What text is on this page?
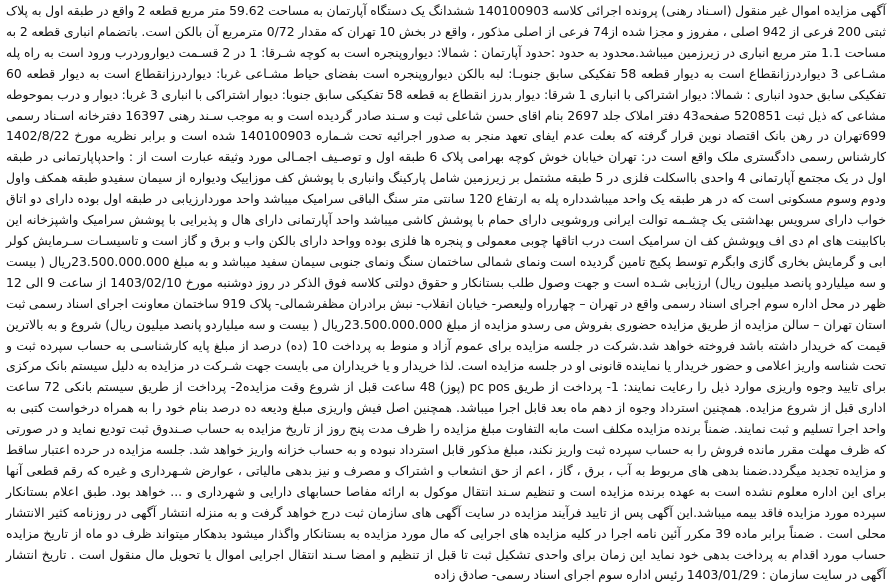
آگهی مزایده اموال غیر منقول (اسـناد رهنی) پرونده اجرائی کلاسه 140100903 ششدانگ یک دستگاه آپارتمان به مساحت 59.62 متر مربع قطعه 2 واقع در طبقه اول به پلاک ثبتی 200 فرعی از 942 اصلی ، مفروز و مجزا شده از74 فرعی از اصلی مذکور ، واقع در بخش 10 تهران که مقدار 0/72 مترمربع آن بالکن است. باتضمام انباری قطعه 2 به مساحت 1.1 متر مربع انباری در زیرزمین میباشد.محدود به حدود :حدود آپارتمان : شمالا: دیواروپنجره است به کوچه شـرقا: 1 در 2 قسـمت دیواروردرب ورود است به راه پله مشـاعی 3 دیواردرزانقطاع است به دیوار قطعه 58 تفکیکی سابق جنوبـا: لبه بالکن دیواروپنجره است بفضای حیاط مشـاعی غربا: دیواردرزانقطاع است به دیوار قطعه 60 تفکیکی سابق حدود انباری : شمالا: دیوار اشتراکی با انباری 1 شرقا: دیوار بدرز انقطاع به قطعه 58 تفکیکی سابق جنوبا: دیوار اشتراکی با انباری 3 غربا: دیوار و درب بموحوطه مشاعی که ذیل ثبت 520851 صفحه43 دفتر املاک جلد 2697 بنام اقای حسن شاعلی ثبت و سـند صادر گردیده است و به موجب سـند رهنی 16397 دفترخانه اسـناد رسمی 699تهران در رهن بانک اقتصاد نوین قرار گرفته که بعلت عدم ایفای تعهد منجر به صدور اجرائیه تحت شـماره 140100903 شده است و برابر نظریه مورخ 1402/8/22 کارشناس رسمی دادگستری ملک واقع است در: تهران خیابان خوش کوچه بهرامی پلاک 6 طبقه اول و توصـیف اجمـالی مورد وثیقه عبارت است از : واحدپاپارتمانی در طبقه اول در یک مجتمع آپارتمانی 4 واحدی بااسکلت فلزی در 5 طبقه مشتمل بر زیرزمین شامل پارکینگ وانباری با پوشش کف موزاییک ودیواره از سیمان سفیدو طبقه همکف واول ودوم وسوم مسکونی است که در هر طبقه یک واحد میباشدداره پله به ارتفاع 120 سانتی متر سنگ الباقی سرامیک میباشد واحد موردارزیابی در طبقه اول بوده دارای دو اتاق خواب دارای سرویس بهداشتی یک چشـمه توالت ایرانی وروشویی دارای حمام با پوشش کاشی میباشد واحد آپارتمانی دارای هال و پذیرایی با پوشش سرامیک واشپزخانه این باکابینت های ام دی اف وپوشش کف ان سرامیک است درب اتاقها چوبی معمولی و پنجره ها فلزی بوده وواحد دارای بالکن واب و برق و گاز است و تاسیسـات سـرمایش کولر ابی و گرمایش بخاری گازی وابگرم توسط پکیج تامین گردیده است ونمای شمالی ساختمان سنگ ونمای جنوبی سیمان سفید میباشد و به مبلغ 23.500.000.000ریال ( بیست و سه میلیاردو پانصد میلیون ریال) ارزیابی شـده است و جهت وصول طلب بستانکار و حقوق دولتی کلاسه فوق الذکر در روز دوشنبه مورخ 1403/02/10 از ساعت 9 الی 12 ظهر در محل اداره سوم اجرای اسناد رسمی واقع در تهران – چهارراه ولیعصر- خیابان انقلاب- نبش برادران مظفرشمالی- پلاک 919 ساختمان معاونت اجرای اسناد رسمی ثبت استان تهران – سالن مزایده از طریق مزایده حضوری بفروش می رسدو مزایده از مبلغ 23.500.000.000ریال ( بیست و سه میلیاردو پانصد میلیون ریال) شروع و به بالاترین قیمت که خریدار داشته باشد فروخته خواهد شد.شرکت در جلسه مزایده برای عموم آزاد و منوط به پرداخت 10 (ده) درصد از مبلغ پایه کارشناسـی به حساب سپرده ثبت و تحت شناسه واریز اعلامی و حضور خریدار یا نماینده قانونی او در جلسه مزایده است. لذا خریدار و یا خریداران می بایست جهت شـرکت در مزایده به دلیل سیستم بانک مرکزی برای تایید وجوه واریزی موارد ذیل را رعایت نمایند: 1- پرداخت از طریق pc pos (پوز) 48 ساعت قبل از شروع وقت مزایده2- پرداخت از طریق سیستم بانکی 72 ساعت اداری قبل از شروع مزایده. همچنین استرداد وجوه از دهم ماه بعد قابل اجرا میباشد. همچنین اصل فیش واریزی مبلغ ودیعه ده درصد بنام خود را به همراه درخواست کتبی به واحد اجرا تسلیم و ثبت نمایند. ضمناً برنده مزایده مکلف است مابه التفاوت مبلغ مزایده را ظرف مدت پنج روز از تاریخ مزایده به حساب صـندوق ثبت تودیع نماید و در صورتی که ظرف مهلت مقرر مانده فروش را به حساب سپرده ثبت واریز نکند، مبلغ مذکور قابل استرداد نبوده و به حساب خزانه واریز خواهد شد. جلسه مزایده در حرده اعتبار ساقط و مزایده تجدید میگردد.ضمنا بدهی های مربوط به آب ، برق ، گاز ، اعم از حق انشعاب و اشتراک و مصرف و نیز بدهی مالیاتی ، عوارض شـهرداری و غیره که رقم قطعی آنها برای این اداره معلوم نشده است به عهده برنده مزایده است و تنظیم سـند انتقال موکول به ارائه مفاصا حسابهای دارایی و شهرداری و ... خواهد بود. طبق اعلام بستانکار سپرده مورد مزایده فاقد بیمه میباشد.این آگهی پس از تایید فرآیند مزایده در سایت آگهی های سازمان ثبت درج خواهد گرفت و به منزله انتشار آگهی در روزنامه کثیر الانتشار محلی است . ضمناً برابر ماده 39 مکرر آئین نامه اجرا در کلیه مزایده های اجرایی که مال مورد مزایده به بستانکار واگذار میشود بدهکار میتواند ظرف دو ماه از تاریخ مزایده حساب مورد اقدام به پرداخت بدهی خود نماید این زمان برای واحدی تشکیل ثبت تا قبل از تنظیم و امضا سـند انتقال اجرایی اموال یا تحویل مال منقول است . تاریخ انتشار آگهی در سایت سازمان : 1403/01/29 رئیس اداره سوم اجرای اسناد رسمی- صادق زاده
